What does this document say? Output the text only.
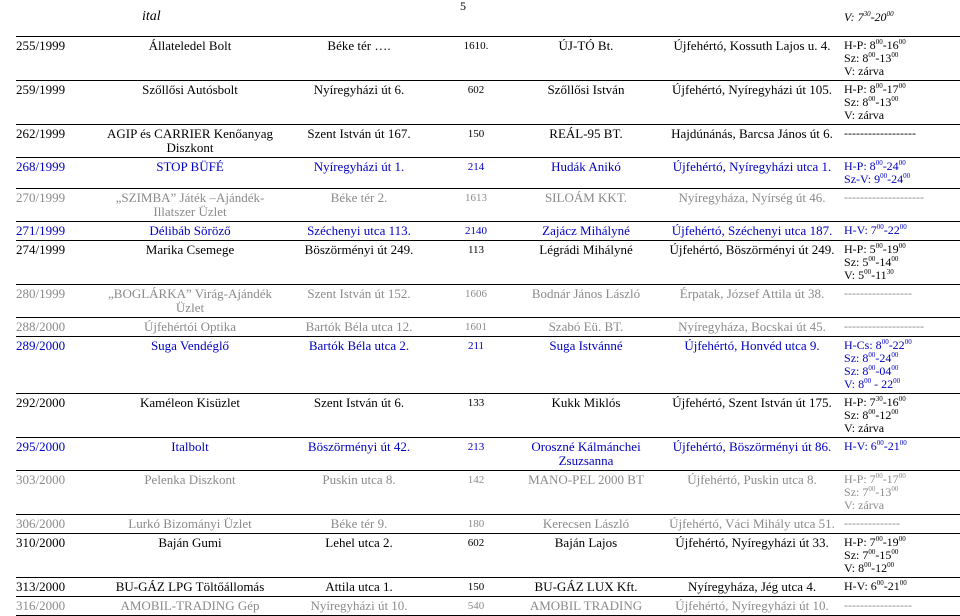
5
ital						V: $7^{30}-20^{00}$
255/1999	Állateledel Bolt	Béke tér ….	1610.	ÚJ-TÓ Bt.	Újfehértó, Kossuth Lajos u. 4.	H-P: $8^{00}-16^{00}$
Sz: $8^{00}-13^{00}$
V: zárva

259/1999	Szőllősi Autósbolt	Nyíregyházi út 6.	602	Szőllősi István	Újfehértó, Nyíregyházi út 105.	H-P: $8^{00}-17^{00}$
Sz: $8^{00}-13^{00}$
V: zárva

262/1999	AGIP és CARRIER Kenőanyag Diszkont	Szent István út 167.	150	REÁL-95 BT.	Hajdúnánás, Barcsa János út 6.	------------------

268/1999	STOP BÜFÉ	Nyíregyházi út 1.	214	Hudák Anikó	Újfehértó, Nyíregyházi utca 1.	H-P: $8^{00}-24^{00}$
Sz-V: $9^{00}-24^{00}$

270/1999	„SZIMBA” Játék –Ajándék-Illatszer Üzlet	Béke tér 2.	1613	SILOÁM KKT.	Nyíregyháza, Nyírség út 46.	--------------------

271/1999	Délibáb Söröző	Széchenyi utca 113.	2140	Zajácz Mihályné	Újfehértó, Széchenyi utca 187.	H-V: $7^{00}-22^{00}$

274/1999	Marika Csemege	Böszörményi út 249.	113	Légrádi Mihályné	Újfehértó, Böszörményi út 249.	H-P: $5^{00}-19^{00}$
Sz: $5^{00}-14^{00}$
V: $5^{00}-11^{30}$

280/1999	„BOGLÁRKA” Virág-Ajándék Üzlet	Szent István út 152.	1606	Bodnár János László	Érpatak, József Attila út 38.	-----------------

288/2000	Újfehértói Optika	Bartók Béla utca 12.	1601	Szabó Eü. BT.	Nyíregyháza, Bocskai út 45.	--------------------

289/2000	Suga Vendéglő	Bartók Béla utca 2.	211	Suga Istvánné	Újfehértó, Honvéd utca 9.	H-Cs: $8^{00}-22^{00}$
Sz: $8^{00}-24^{00}$
Sz: $8^{00}-04^{00}$
V: $8^{00} - 22^{00}$

292/2000	Kaméleon Kisüzlet	Szent István út 6.	133	Kukk Miklós	Újfehértó, Szent István út 175.	H-P: $7^{30}-16^{00}$
Sz: $8^{00}-12^{00}$
V: zárva

295/2000	Italbolt	Böszörményi út 42.	213	Oroszné Kálmánchei Zsuzsanna	Újfehértó, Böszörményi út 86.	H-V: $6^{00}-21^{00}$

303/2000	Pelenka Diszkont	Puskin utca 8.	142	MANO-PEL 2000 BT	Újfehértó, Puskin utca 8.	H-P: $7^{00}-17^{00}$
Sz: $7^{00}-13^{00}$
V: zárva

306/2000	Lurkó Bizományi Üzlet	Béke tér 9.	180	Kerecsen László	Újfehértó, Váci Mihály utca 51.	--------------

310/2000	Baján Gumi	Lehel utca 2.	602	Baján Lajos	Újfehértó, Nyíregyházi út 33.	H-P: $7^{00}-19^{00}$
Sz: $7^{00}-15^{00}$
V: $8^{00}-12^{00}$

313/2000	BU-GÁZ LPG Töltőállomás	Attila utca 1.	150	BU-GÁZ LUX Kft.	Nyíregyháza, Jég utca 4.	H-V: $6^{00}-21^{00}$

316/2000	AMOBIL-TRADING Gép	Nyíregyházi út 10.	540	AMOBIL TRADING	Újfehértó, Nyíregyházi út 10.	-----------------
